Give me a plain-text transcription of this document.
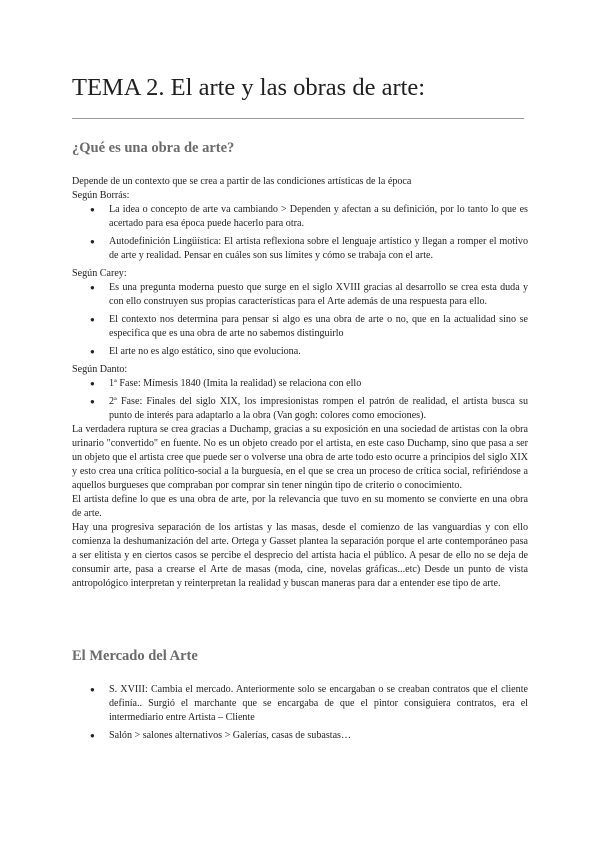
TEMA 2. El arte y las obras de arte:
¿Qué es una obra de arte?

Depende de un contexto que se crea a partir de las condiciones artísticas de la época

Según Borrás:

● La idea o concepto de arte va cambiando > Dependen y afectan a su definición, por lo tanto lo que es acertado para esa época puede hacerlo para otra.
● Autodefinición Lingüística: El artista reflexiona sobre el lenguaje artístico y llegan a romper el motivo de arte y realidad. Pensar en cuáles son sus límites y cómo se trabaja con el arte.

Según Carey:

● Es una pregunta moderna puesto que surge en el siglo XVIII gracias al desarrollo se crea esta duda y con ello construyen sus propias características para el Arte además de una respuesta para ello.
● El contexto nos determina para pensar si algo es una obra de arte o no, que en la actualidad sino se especifica que es una obra de arte no sabemos distinguirlo
● El arte no es algo estático, sino que evoluciona.

Según Danto:

● 1ª Fase: Mímesis 1840 (Imita la realidad) se relaciona con ello
● 2ª Fase: Finales del siglo XIX, los impresionistas rompen el patrón de realidad, el artista busca su punto de interés para adaptarlo a la obra (Van gogh: colores como emociones).

La verdadera ruptura se crea gracias a Duchamp, gracias a su exposición en una sociedad de artistas con la obra urinario "convertido" en fuente. No es un objeto creado por el artista, en este caso Duchamp, sino que pasa a ser un objeto que el artista cree que puede ser o volverse una obra de arte todo esto ocurre a principios del siglo XIX y esto crea una crítica político-social a la burguesía, en el que se crea un proceso de crítica social, refiriéndose a aquellos burgueses que compraban por comprar sin tener ningún tipo de criterio o conocimiento.

El artista define lo que es una obra de arte, por la relevancia que tuvo en su momento se convierte en una obra de arte.

Hay una progresiva separación de los artistas y las masas, desde el comienzo de las vanguardias y con ello comienza la deshumanización del arte. Ortega y Gasset plantea la separación porque el arte contemporáneo pasa a ser elitista y en ciertos casos se percibe el desprecio del artista hacia el público. A pesar de ello no se deja de consumir arte, pasa a crearse el Arte de masas (moda, cine, novelas gráficas...etc) Desde un punto de vista antropológico interpretan y reinterpretan la realidad y buscan maneras para dar a entender ese tipo de arte.

El Mercado del Arte
● S. XVIII: Cambia el mercado. Anteriormente solo se encargaban o se creaban contratos que el cliente definía.. Surgió el marchante que se encargaba de que el pintor consiguiera contratos, era el intermediario entre Artista – Cliente
● Salón > salones alternativos > Galerías, casas de subastas…
